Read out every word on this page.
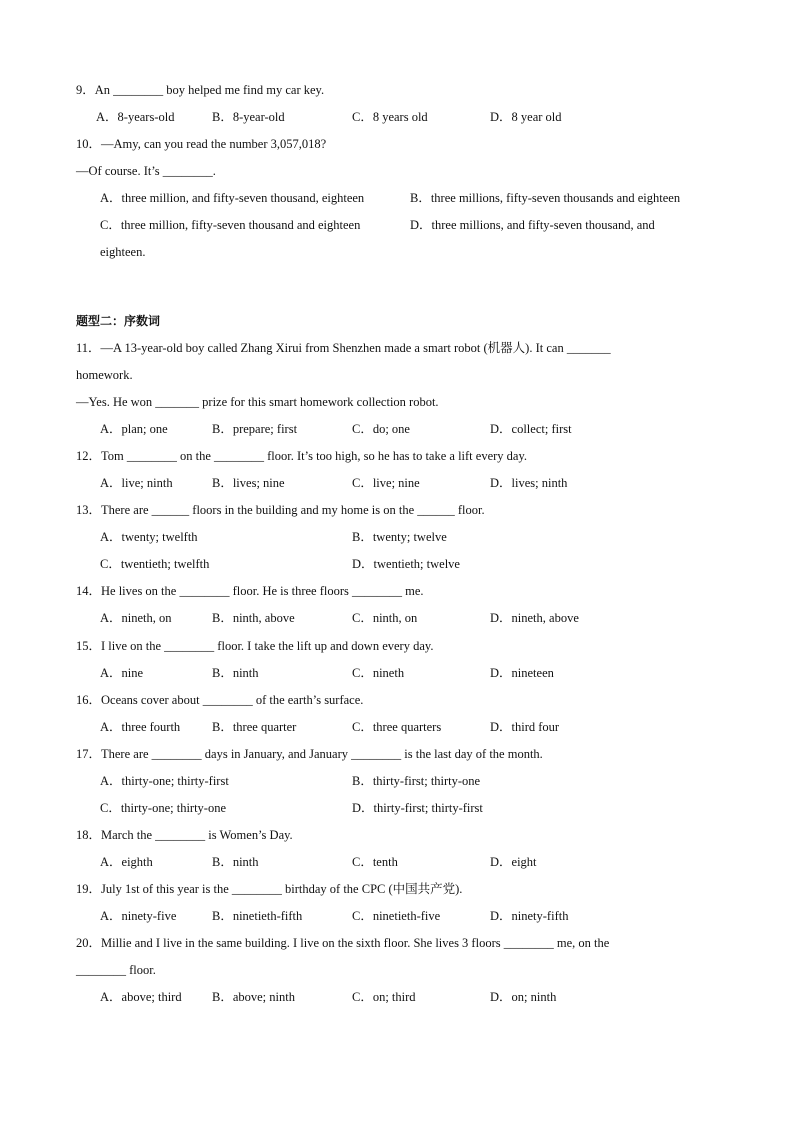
9．An ________ boy helped me find my car key.
A．8-years-old	B．8-year-old	C．8 years old	D．8 year old
10．—Amy, can you read the number 3,057,018?
—Of course. It’s ________.
A．three million, and fifty-seven thousand, eighteen	B．three millions, fifty-seven thousands and eighteen
C．three million, fifty-seven thousand and eighteen	D．three millions, and fifty-seven thousand, and
eighteen.
题型二：序数词
11．—A 13-year-old boy called Zhang Xirui from Shenzhen made a smart robot (机器人). It can _______
homework.
—Yes. He won _______ prize for this smart homework collection robot.
A．plan; one	B．prepare; first	C．do; one	D．collect; first
12．Tom ________ on the ________ floor. It’s too high, so he has to take a lift every day.
A．live; ninth	B．lives; nine	C．live; nine	D．lives; ninth
13．There are ______ floors in the building and my home is on the ______ floor.
A．twenty; twelfth	B．twenty; twelve
C．twentieth; twelfth	D．twentieth; twelve
14．He lives on the ________ floor. He is three floors ________ me.
A．nineth, on	B．ninth, above	C．ninth, on	D．nineth, above
15．I live on the ________ floor. I take the lift up and down every day.
A．nine	B．ninth	C．nineth	D．nineteen
16．Oceans cover about ________ of the earth’s surface.
A．three fourth	B．three quarter	C．three quarters	D．third four
17．There are ________ days in January, and January ________ is the last day of the month.
A．thirty-one; thirty-first	B．thirty-first; thirty-one
C．thirty-one; thirty-one	D．thirty-first; thirty-first
18．March the ________ is Women’s Day.
A．eighth	B．ninth	C．tenth	D．eight
19．July 1st of this year is the ________ birthday of the CPC (中国共产党).
A．ninety-five	B．ninetieth-fifth	C．ninetieth-five	D．ninety-fifth
20．Millie and I live in the same building. I live on the sixth floor. She lives 3 floors ________ me, on the
________ floor.
A．above; third B．above; ninth	C．on; third	D．on; ninth
